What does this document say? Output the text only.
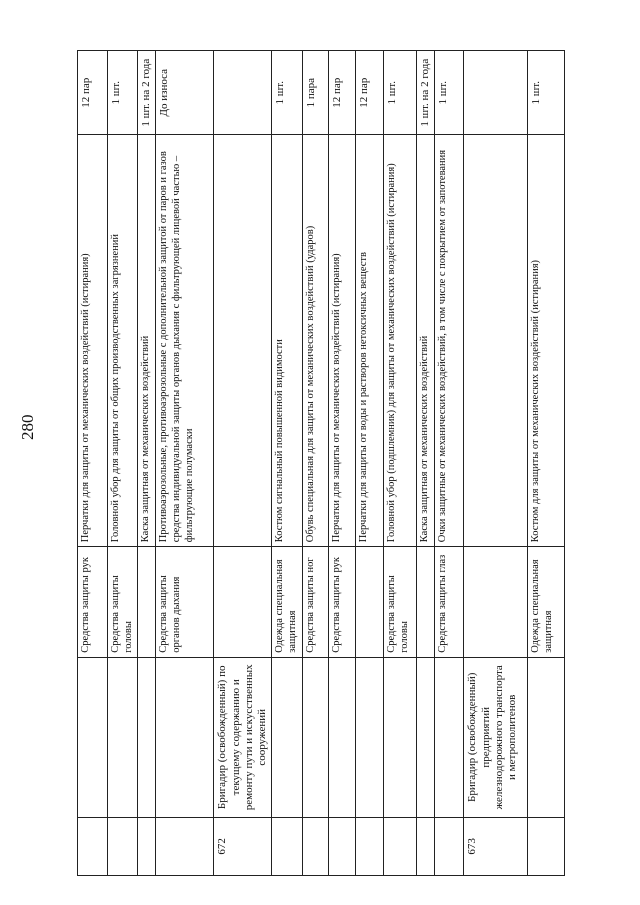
280
		Средства защиты рук	Перчатки для защиты от механических воздействий (истирания)	12 пар
		Средства защиты головы	Головной убор для защиты от общих производственных загрязнений	1 шт.
			Каска защитная от механических воздействий	1 шт. на 2 года
		Средства защиты органов дыхания	Противоаэрозольные, противоаэрозольные с дополнительной защитой от паров и газов средства индивидуальной защиты органов дыхания с фильтрующей лицевой частью – фильтрующие полумаски	До износа
672	Бригадир (освобожденный) по текущему содержанию и ремонту пути и искусственных сооружений			
		Одежда специальная защитная	Костюм сигнальный повышенной видимости	1 шт.
		Средства защиты ног	Обувь специальная для защиты от механических воздействий (ударов)	1 пара
		Средства защиты рук	Перчатки для защиты от механических воздействий (истирания)	12 пар
			Перчатки для защиты от воды и растворов нетоксичных веществ	12 пар
		Средства защиты головы	Головной убор (подшлемник) для защиты от механических воздействий (истирания)	1 шт.
			Каска защитная от механических воздействий	1 шт. на 2 года
		Средства защиты глаз	Очки защитные от механических воздействий, в том числе с покрытием от запотевания	1 шт.
673	Бригадир (освобожденный) предприятий железнодорожного транспорта и метрополитенов			
		Одежда специальная защитная	Костюм для защиты от механических воздействий (истирания)	1 шт.
